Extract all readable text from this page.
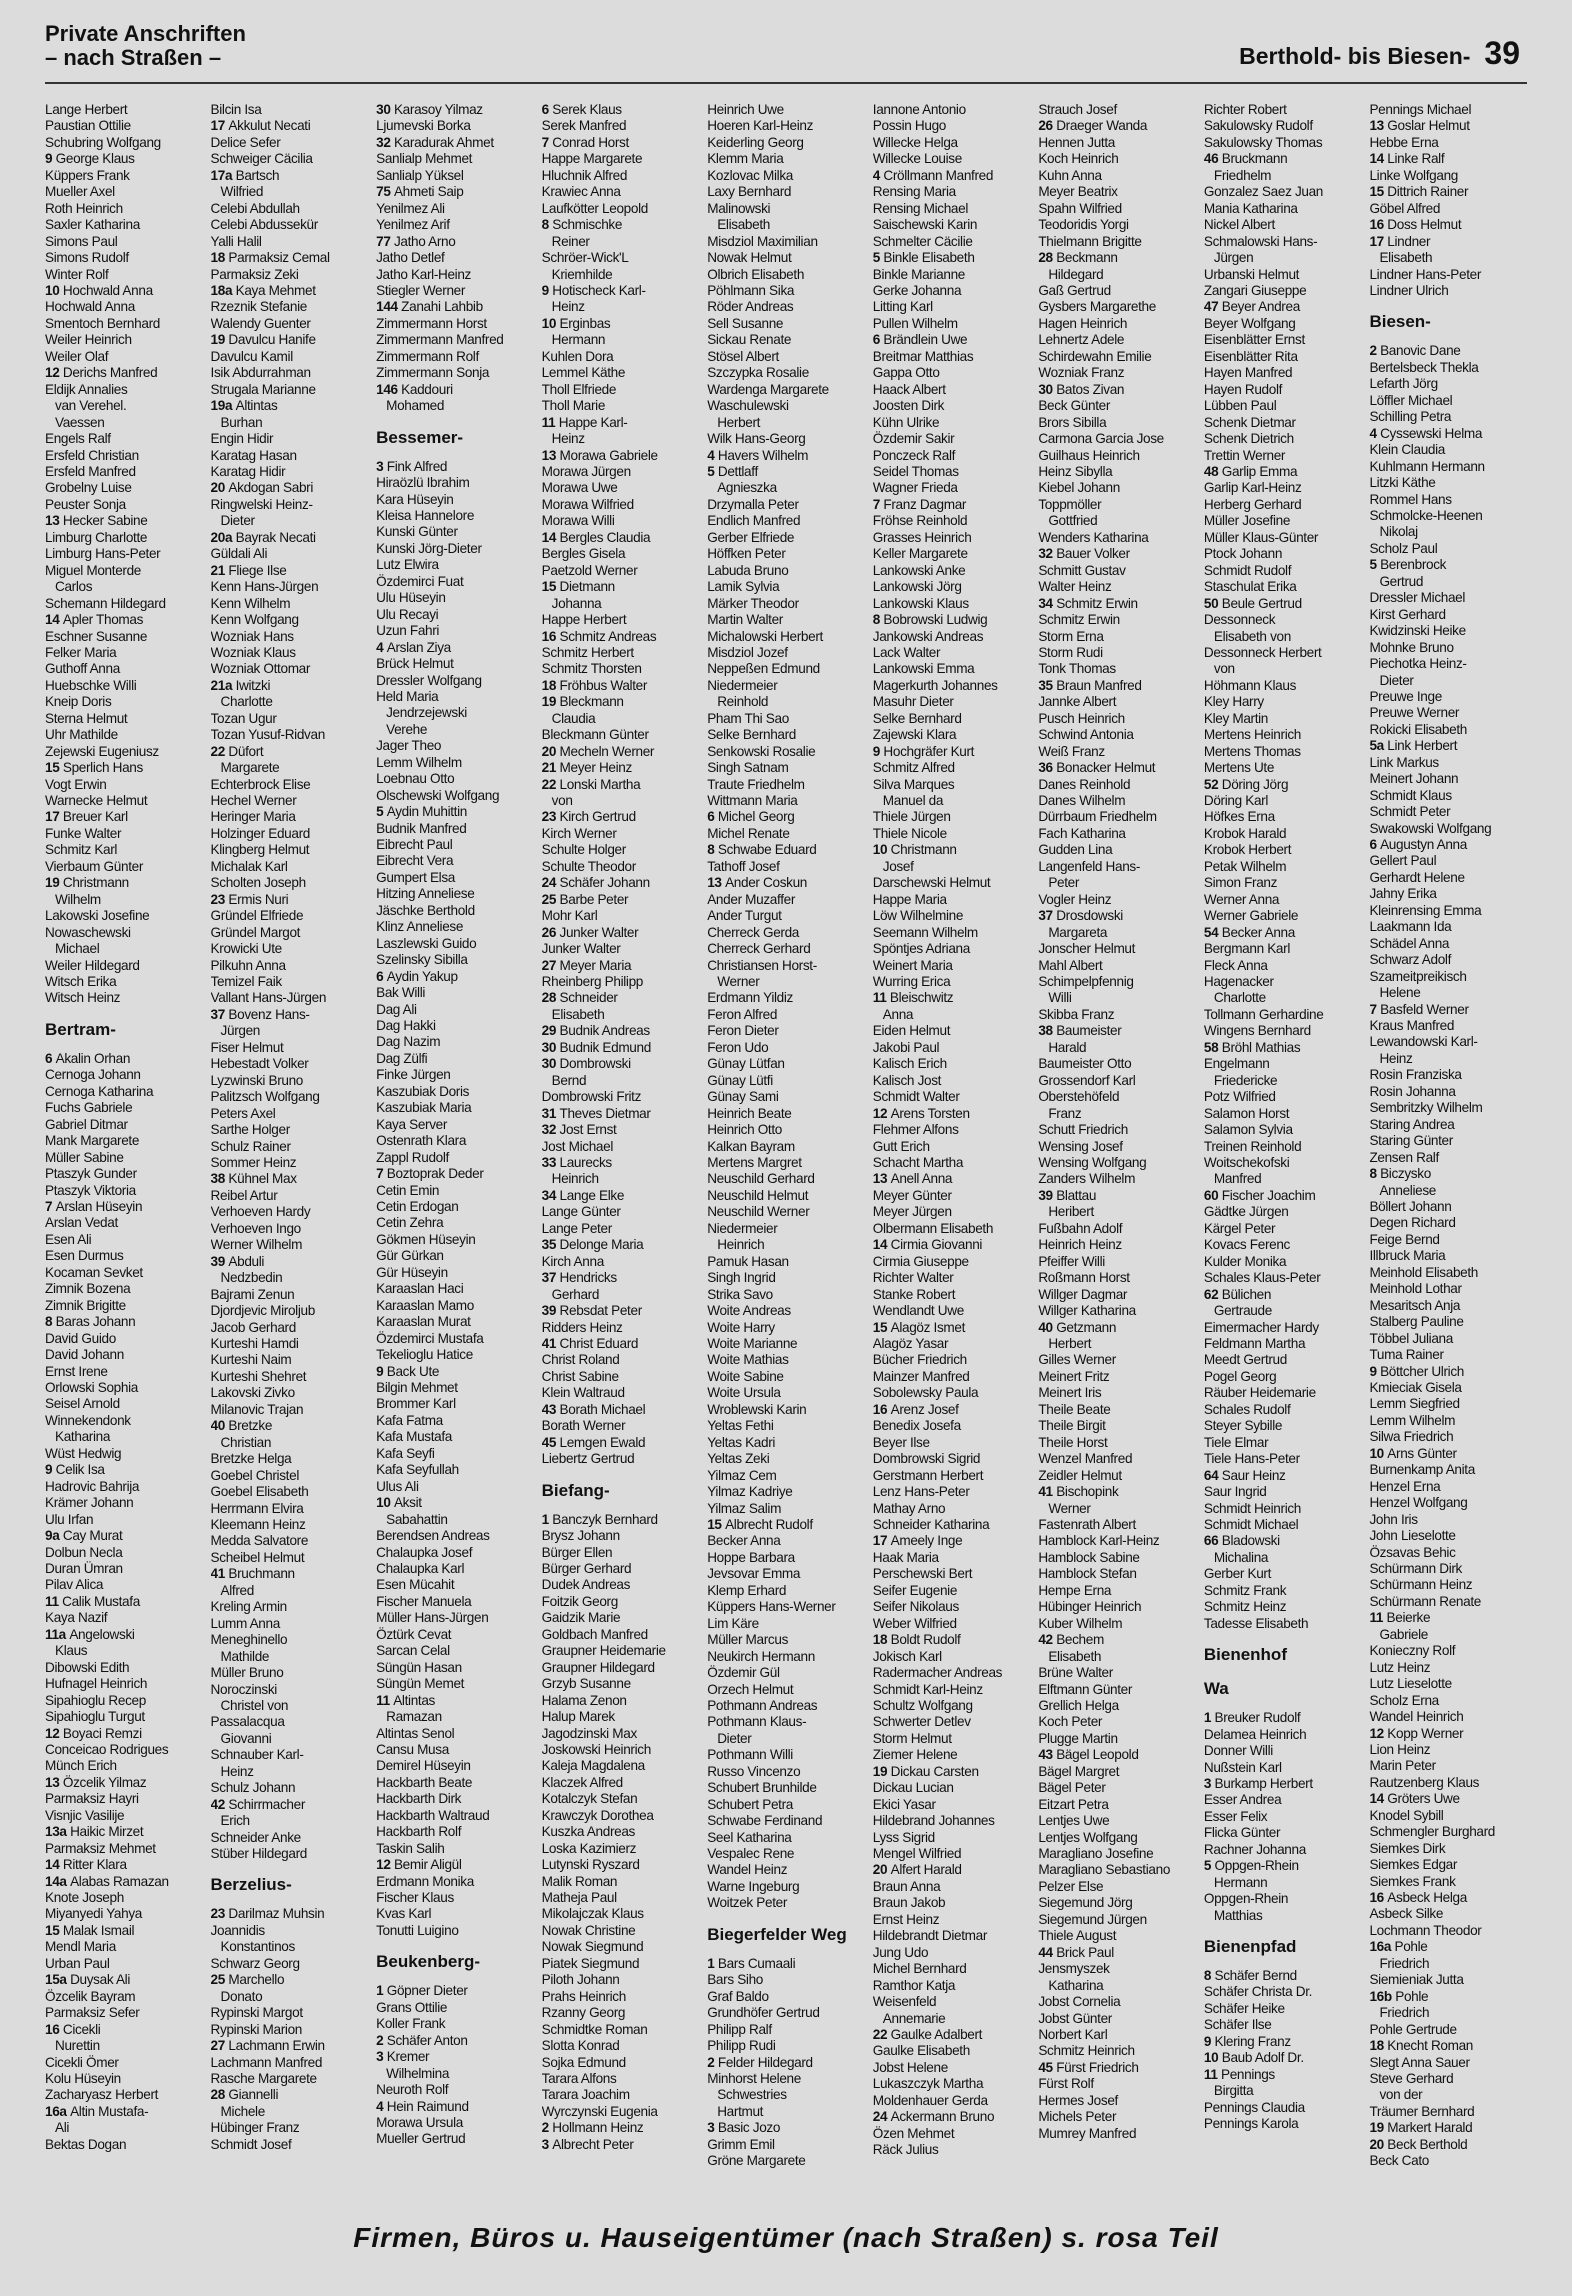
Private Anschriften
– nach Straßen –	Berthold- bis Biesen- 39
Lange Herbert
Paustian Ottilie
Schubring Wolfgang
9 George Klaus
Küppers Frank
Mueller Axel
Roth Heinrich
Saxler Katharina
Simons Paul
Simons Rudolf
Winter Rolf
10 Hochwald Anna
Hochwald Anna
Smentoch Bernhard
Weiler Heinrich
Weiler Olaf
12 Derichs Manfred
Eldijk Annalies
van Verehel.
Vaessen
Engels Ralf
Ersfeld Christian
Ersfeld Manfred
Grobelny Luise
Peuster Sonja
13 Hecker Sabine
Limburg Charlotte
Limburg Hans-Peter
Miguel Monterde
Carlos
Schemann Hildegard
14 Apler Thomas
Eschner Susanne
Felker Maria
Guthoff Anna
Huebschke Willi
Kneip Doris
Sterna Helmut
Uhr Mathilde
Zejewski Eugeniusz
15 Sperlich Hans
Vogt Erwin
Warnecke Helmut
17 Breuer Karl
Funke Walter
Schmitz Karl
Vierbaum Günter
19 Christmann
Wilhelm
Lakowski Josefine
Nowaschewski
Michael
Weiler Hildegard
Witsch Erika
Witsch Heinz
Bertram-
6 Akalin Orhan
Cernoga Johann
Cernoga Katharina
Fuchs Gabriele
Gabriel Ditmar
Mank Margarete
Müller Sabine
Ptaszyk Gunder
Ptaszyk Viktoria
7 Arslan Hüseyin
Arslan Vedat
Esen Ali
Esen Durmus
Kocaman Sevket
Zimnik Bozena
Zimnik Brigitte
8 Baras Johann
David Guido
David Johann
Ernst Irene
Orlowski Sophia
Seisel Arnold
Winnekendonk
Katharina
Wüst Hedwig
9 Celik Isa
Hadrovic Bahrija
Krämer Johann
Ulu Irfan
9a Cay Murat
Dolbun Necla
Duran Ümran
Pilav Alica
11 Calik Mustafa
Kaya Nazif
11a Angelowski
Klaus
Dibowski Edith
Hufnagel Heinrich
Sipahioglu Recep
Sipahioglu Turgut
12 Boyaci Remzi
Conceicao Rodrigues
Münch Erich
13 Özcelik Yilmaz
Parmaksiz Hayri
Visnjic Vasilije
13a Haikic Mirzet
Parmaksiz Mehmet
14 Ritter Klara
14a Alabas Ramazan
Knote Joseph
Miyanyedi Yahya
15 Malak Ismail
Mendl Maria
Urban Paul
15a Duysak Ali
Özcelik Bayram
Parmaksiz Sefer
16 Cicekli
Nurettin
Cicekli Ömer
Kolu Hüseyin
Zacharyasz Herbert
16a Altin Mustafa-
Ali
Bektas Dogan
Bilcin Isa
17 Akkulut Necati
Delice Sefer
Schweiger Cäcilia
17a Bartsch
Wilfried
Celebi Abdullah
Celebi Abdussekür
Yalli Halil
18 Parmaksiz Cemal
Parmaksiz Zeki
18a Kaya Mehmet
Rzeznik Stefanie
Walendy Guenter
19 Davulcu Hanife
Davulcu Kamil
Isik Abdurrahman
Strugala Marianne
19a Altintas
Burhan
Engin Hidir
Karatag Hasan
Karatag Hidir
20 Akdogan Sabri
Ringwelski Heinz-
Dieter
20a Bayrak Necati
Güldali Ali
21 Fliege Ilse
Kenn Hans-Jürgen
Kenn Wilhelm
Kenn Wolfgang
Wozniak Hans
Wozniak Klaus
Wozniak Ottomar
21a Iwitzki
Charlotte
Tozan Ugur
Tozan Yusuf-Ridvan
22 Düfort
Margarete
Echterbrock Elise
Hechel Werner
Heringer Maria
Holzinger Eduard
Klingberg Helmut
Michalak Karl
Scholten Joseph
23 Ermis Nuri
Gründel Elfriede
Gründel Margot
Krowicki Ute
Pilkuhn Anna
Temizel Faik
Vallant Hans-Jürgen
37 Bovenz Hans-
Jürgen
Fiser Helmut
Hebestadt Volker
Lyzwinski Bruno
Palitzsch Wolfgang
Peters Axel
Sarthe Holger
Schulz Rainer
Sommer Heinz
38 Kühnel Max
Reibel Artur
Verhoeven Hardy
Verhoeven Ingo
Werner Wilhelm
39 Abduli
Nedzbedin
Bajrami Zenun
Djordjevic Miroljub
Jacob Gerhard
Kurteshi Hamdi
Kurteshi Naim
Kurteshi Shehret
Lakovski Zivko
Milanovic Trajan
40 Bretzke
Christian
Bretzke Helga
Goebel Christel
Goebel Elisabeth
Herrmann Elvira
Kleemann Heinz
Medda Salvatore
Scheibel Helmut
41 Bruchmann
Alfred
Kreling Armin
Lumm Anna
Meneghinello
Mathilde
Müller Bruno
Noroczinski
Christel von
Passalacqua
Giovanni
Schnauber Karl-
Heinz
Schulz Johann
42 Schirrmacher
Erich
Schneider Anke
Stüber Hildegard
Berzelius-
23 Darilmaz Muhsin
Joannidis
Konstantinos
Schwarz Georg
25 Marchello
Donato
Rypinski Margot
Rypinski Marion
27 Lachmann Erwin
Lachmann Manfred
Rasche Margarete
28 Giannelli
Michele
Hübinger Franz
Schmidt Josef
30 Karasoy Yilmaz
Ljumevski Borka
32 Karadurak Ahmet
Sanlialp Mehmet
Sanlialp Yüksel
75 Ahmeti Saip
Yenilmez Ali
Yenilmez Arif
77 Jatho Arno
Jatho Detlef
Jatho Karl-Heinz
Stiegler Werner
144 Zanahi Lahbib
Zimmermann Horst
Zimmermann Manfred
Zimmermann Rolf
Zimmermann Sonja
146 Kaddouri
Mohamed
Bessemer-
3 Fink Alfred
Hiraözlü Ibrahim
Kara Hüseyin
Kleisa Hannelore
Kunski Günter
Kunski Jörg-Dieter
Lutz Elwira
Özdemirci Fuat
Ulu Hüseyin
Ulu Recayi
Uzun Fahri
4 Arslan Ziya
Brück Helmut
Dressler Wolfgang
Held Maria
Jendrzejewski
Verehe
Jager Theo
Lemm Wilhelm
Loebnau Otto
Olschewski Wolfgang
5 Aydin Muhittin
Budnik Manfred
Eibrecht Paul
Eibrecht Vera
Gumpert Elsa
Hitzing Anneliese
Jäschke Berthold
Klinz Anneliese
Laszlewski Guido
Szelinsky Sibilla
6 Aydin Yakup
Bak Willi
Dag Ali
Dag Hakki
Dag Nazim
Dag Zülfi
Finke Jürgen
Kaszubiak Doris
Kaszubiak Maria
Kaya Server
Ostenrath Klara
Zappl Rudolf
7 Boztoprak Deder
Cetin Emin
Cetin Erdogan
Cetin Zehra
Gökmen Hüseyin
Gür Gürkan
Gür Hüseyin
Karaaslan Haci
Karaaslan Mamo
Karaaslan Murat
Özdemirci Mustafa
Tekelioglu Hatice
9 Back Ute
Bilgin Mehmet
Brommer Karl
Kafa Fatma
Kafa Mustafa
Kafa Seyfi
Kafa Seyfullah
Ulus Ali
10 Aksit
Sabahattin
Berendsen Andreas
Chalaupka Josef
Chalaupka Karl
Esen Mücahit
Fischer Manuela
Müller Hans-Jürgen
Öztürk Cevat
Sarcan Celal
Süngün Hasan
Süngün Memet
11 Altintas
Ramazan
Altintas Senol
Cansu Musa
Demirel Hüseyin
Hackbarth Beate
Hackbarth Dirk
Hackbarth Waltraud
Hackbarth Rolf
Taskin Salih
12 Bemir Aligül
Erdmann Monika
Fischer Klaus
Kvas Karl
Tonutti Luigino
Beukenberg-
1 Göpner Dieter
Grans Ottilie
Koller Frank
2 Schäfer Anton
3 Kremer
Wilhelmina
Neuroth Rolf
4 Hein Raimund
Morawa Ursula
Mueller Gertrud
6 Serek Klaus
Serek Manfred
7 Conrad Horst
Happe Margarete
Hluchnik Alfred
Krawiec Anna
Laufkötter Leopold
8 Schmischke
Reiner
Schröer-Wick'L
Kriemhilde
9 Hotischeck Karl-
Heinz
10 Erginbas
Hermann
Kuhlen Dora
Lemmel Käthe
Tholl Elfriede
Tholl Marie
11 Happe Karl-
Heinz
13 Morawa Gabriele
Morawa Jürgen
Morawa Uwe
Morawa Wilfried
Morawa Willi
14 Bergles Claudia
Bergles Gisela
Paetzold Werner
15 Dietmann
Johanna
Happe Herbert
16 Schmitz Andreas
Schmitz Herbert
Schmitz Thorsten
18 Fröhbus Walter
19 Bleckmann
Claudia
Bleckmann Günter
20 Mecheln Werner
21 Meyer Heinz
22 Lonski Martha
von
23 Kirch Gertrud
Kirch Werner
Schulte Holger
Schulte Theodor
24 Schäfer Johann
25 Barbe Peter
Mohr Karl
26 Junker Walter
Junker Walter
27 Meyer Maria
Rheinberg Philipp
28 Schneider
Elisabeth
29 Budnik Andreas
30 Budnik Edmund
30 Dombrowski
Bernd
Dombrowski Fritz
31 Theves Dietmar
32 Jost Ernst
Jost Michael
33 Laurecks
Heinrich
34 Lange Elke
Lange Günter
Lange Peter
35 Delonge Maria
Kirch Anna
37 Hendricks
Gerhard
39 Rebsdat Peter
Ridders Heinz
41 Christ Eduard
Christ Roland
Christ Sabine
Klein Waltraud
43 Borath Michael
Borath Werner
45 Lemgen Ewald
Liebertz Gertrud
Biefang-
1 Banczyk Bernhard
Brysz Johann
Bürger Ellen
Bürger Gerhard
Dudek Andreas
Foitzik Georg
Gaidzik Marie
Goldbach Manfred
Graupner Heidemarie
Graupner Hildegard
Grzyb Susanne
Halama Zenon
Halup Marek
Jagodzinski Max
Joskowski Heinrich
Kaleja Magdalena
Klaczek Alfred
Kotalczyk Stefan
Krawczyk Dorothea
Kuszka Andreas
Loska Kazimierz
Lutynski Ryszard
Malik Roman
Matheja Paul
Mikolajczak Klaus
Nowak Christine
Nowak Siegmund
Piatek Siegmund
Piloth Johann
Prahs Heinrich
Rzanny Georg
Schmidtke Roman
Slotta Konrad
Sojka Edmund
Tarara Alfons
Tarara Joachim
Wyrczynski Eugenia
2 Hollmann Heinz
3 Albrecht Peter
Heinrich Uwe
Hoeren Karl-Heinz
Keiderling Georg
Klemm Maria
Kozlovac Milka
Laxy Bernhard
Malinowski
Elisabeth
Misdziol Maximilian
Nowak Helmut
Olbrich Elisabeth
Pöhlmann Sika
Röder Andreas
Sell Susanne
Sickau Renate
Stösel Albert
Szczypka Rosalie
Wardenga Margarete
Waschulewski
Herbert
Wilk Hans-Georg
4 Havers Wilhelm
5 Dettlaff
Agnieszka
Drzymalla Peter
Endlich Manfred
Gerber Elfriede
Höffken Peter
Labuda Bruno
Lamik Sylvia
Märker Theodor
Martin Walter
Michalowski Herbert
Misdziol Jozef
Neppeßen Edmund
Niedermeier
Reinhold
Pham Thi Sao
Selke Bernhard
Senkowski Rosalie
Singh Satnam
Traute Friedhelm
Wittmann Maria
6 Michel Georg
Michel Renate
8 Schwabe Eduard
Tathoff Josef
13 Ander Coskun
Ander Muzaffer
Ander Turgut
Cherreck Gerda
Cherreck Gerhard
Christiansen Horst-
Werner
Erdmann Yildiz
Feron Alfred
Feron Dieter
Feron Udo
Günay Lütfan
Günay Lütfi
Günay Sami
Heinrich Beate
Heinrich Otto
Kalkan Bayram
Mertens Margret
Neuschild Gerhard
Neuschild Helmut
Neuschild Werner
Niedermeier
Heinrich
Pamuk Hasan
Singh Ingrid
Strika Savo
Woite Andreas
Woite Harry
Woite Marianne
Woite Mathias
Woite Sabine
Woite Ursula
Wroblewski Karin
Yeltas Fethi
Yeltas Kadri
Yeltas Zeki
Yilmaz Cem
Yilmaz Kadriye
Yilmaz Salim
15 Albrecht Rudolf
Becker Anna
Hoppe Barbara
Jevsovar Emma
Klemp Erhard
Küppers Hans-Werner
Lim Käre
Müller Marcus
Neukirch Hermann
Özdemir Gül
Orzech Helmut
Pothmann Andreas
Pothmann Klaus-
Dieter
Pothmann Willi
Russo Vincenzo
Schubert Brunhilde
Schubert Petra
Schwabe Ferdinand
Seel Katharina
Vespalec Rene
Wandel Heinz
Warne Ingeburg
Woitzek Peter
Biegerfelder Weg
1 Bars Cumaali
Bars Siho
Graf Baldo
Grundhöfer Gertrud
Philipp Ralf
Philipp Rudi
2 Felder Hildegard
Minhorst Helene
Schwestries
Hartmut
3 Basic Jozo
Grimm Emil
Gröne Margarete
Iannone Antonio
Possin Hugo
Willecke Helga
Willecke Louise
4 Cröllmann Manfred
Rensing Maria
Rensing Michael
Saischewski Karin
Schmelter Cäcilie
5 Binkle Elisabeth
Binkle Marianne
Gerke Johanna
Litting Karl
Pullen Wilhelm
6 Brändlein Uwe
Breitmar Matthias
Gappa Otto
Haack Albert
Joosten Dirk
Kühn Ulrike
Özdemir Sakir
Ponczeck Ralf
Seidel Thomas
Wagner Frieda
7 Franz Dagmar
Fröhse Reinhold
Grasses Heinrich
Keller Margarete
Lankowski Anke
Lankowski Jörg
Lankowski Klaus
8 Bobrowski Ludwig
Jankowski Andreas
Lack Walter
Lankowski Emma
Magerkurth Johannes
Masuhr Dieter
Selke Bernhard
Zajewski Klara
9 Hochgräfer Kurt
Schmitz Alfred
Silva Marques
Manuel da
Thiele Jürgen
Thiele Nicole
10 Christmann
Josef
Darschewski Helmut
Happe Maria
Löw Wilhelmine
Seemann Wilhelm
Spöntjes Adriana
Weinert Maria
Wurring Erica
11 Bleischwitz
Anna
Eiden Helmut
Jakobi Paul
Kalisch Erich
Kalisch Jost
Schmidt Walter
12 Arens Torsten
Flehmer Alfons
Gutt Erich
Schacht Martha
13 Anell Anna
Meyer Günter
Meyer Jürgen
Olbermann Elisabeth
14 Cirmia Giovanni
Cirmia Giuseppe
Richter Walter
Stanke Robert
Wendlandt Uwe
15 Alagöz Ismet
Alagöz Yasar
Bücher Friedrich
Mainzer Manfred
Sobolewsky Paula
16 Arenz Josef
Benedix Josefa
Beyer Ilse
Dombrowski Sigrid
Gerstmann Herbert
Lenz Hans-Peter
Mathay Arno
Schneider Katharina
17 Ameely Inge
Haak Maria
Perschewski Bert
Seifer Eugenie
Seifer Nikolaus
Weber Wilfried
18 Boldt Rudolf
Jokisch Karl
Radermacher Andreas
Schmidt Karl-Heinz
Schultz Wolfgang
Schwerter Detlev
Storm Helmut
Ziemer Helene
19 Dickau Carsten
Dickau Lucian
Ekici Yasar
Hildebrand Johannes
Lyss Sigrid
Mengel Wilfried
20 Alfert Harald
Braun Anna
Braun Jakob
Ernst Heinz
Hildebrandt Dietmar
Jung Udo
Michel Bernhard
Ramthor Katja
Weisenfeld
Annemarie
22 Gaulke Adalbert
Gaulke Elisabeth
Jobst Helene
Lukaszczyk Martha
Moldenhauer Gerda
24 Ackermann Bruno
Özen Mehmet
Räck Julius
Strauch Josef
26 Draeger Wanda
Hennen Jutta
Koch Heinrich
Kuhn Anna
Meyer Beatrix
Spahn Wilfried
Teodoridis Yorgi
Thielmann Brigitte
28 Beckmann
Hildegard
Gaß Gertrud
Gysbers Margarethe
Hagen Heinrich
Lehnertz Adele
Schirdewahn Emilie
Wozniak Franz
30 Batos Zivan
Beck Günter
Brors Sibilla
Carmona Garcia Jose
Guilhaus Heinrich
Heinz Sibylla
Kiebel Johann
Toppmöller
Gottfried
Wenders Katharina
32 Bauer Volker
Schmitt Gustav
Walter Heinz
34 Schmitz Erwin
Schmitz Erwin
Storm Erna
Storm Rudi
Tonk Thomas
35 Braun Manfred
Jannke Albert
Pusch Heinrich
Schwind Antonia
Weiß Franz
36 Bonacker Helmut
Danes Reinhold
Danes Wilhelm
Dürrbaum Friedhelm
Fach Katharina
Gudden Lina
Langenfeld Hans-
Peter
Vogler Heinz
37 Drosdowski
Margareta
Jonscher Helmut
Mahl Albert
Schimpelpfennig
Willi
Skibba Franz
38 Baumeister
Harald
Baumeister Otto
Grossendorf Karl
Oberstehöfeld
Franz
Schutt Friedrich
Wensing Josef
Wensing Wolfgang
Zanders Wilhelm
39 Blattau
Heribert
Fußbahn Adolf
Heinrich Heinz
Pfeiffer Willi
Roßmann Horst
Willger Dagmar
Willger Katharina
40 Getzmann
Herbert
Gilles Werner
Meinert Fritz
Meinert Iris
Theile Beate
Theile Birgit
Theile Horst
Wenzel Manfred
Zeidler Helmut
41 Bischopink
Werner
Fastenrath Albert
Hamblock Karl-Heinz
Hamblock Sabine
Hamblock Stefan
Hempe Erna
Hübinger Heinrich
Kuber Wilhelm
42 Bechem
Elisabeth
Brüne Walter
Elftmann Günter
Grellich Helga
Koch Peter
Plugge Martin
43 Bägel Leopold
Bägel Margret
Bägel Peter
Eitzart Petra
Lentjes Uwe
Lentjes Wolfgang
Maragliano Josefine
Maragliano Sebastiano
Pelzer Else
Siegemund Jörg
Siegemund Jürgen
Thiele August
44 Brick Paul
Jensmyszek
Katharina
Jobst Cornelia
Jobst Günter
Norbert Karl
Schmitz Heinrich
45 Fürst Friedrich
Fürst Rolf
Hermes Josef
Michels Peter
Mumrey Manfred
Richter Robert
Sakulowsky Rudolf
Sakulowsky Thomas
46 Bruckmann
Friedhelm
Gonzalez Saez Juan
Mania Katharina
Nickel Albert
Schmalowski Hans-
Jürgen
Urbanski Helmut
Zangari Giuseppe
47 Beyer Andrea
Beyer Wolfgang
Eisenblätter Ernst
Eisenblätter Rita
Hayen Manfred
Hayen Rudolf
Lübben Paul
Schenk Dietmar
Schenk Dietrich
Trettin Werner
48 Garlip Emma
Garlip Karl-Heinz
Herberg Gerhard
Müller Josefine
Müller Klaus-Günter
Ptock Johann
Schmidt Rudolf
Staschulat Erika
50 Beule Gertrud
Dessonneck
Elisabeth von
Dessonneck Herbert
von
Höhmann Klaus
Kley Harry
Kley Martin
Mertens Heinrich
Mertens Thomas
Mertens Ute
52 Döring Jörg
Döring Karl
Höfkes Erna
Krobok Harald
Krobok Herbert
Petak Wilhelm
Simon Franz
Werner Anna
Werner Gabriele
54 Becker Anna
Bergmann Karl
Fleck Anna
Hagenacker
Charlotte
Tollmann Gerhardine
Wingens Bernhard
58 Bröhl Mathias
Engelmann
Friedericke
Potz Wilfried
Salamon Horst
Salamon Sylvia
Treinen Reinhold
Woitschekofski
Manfred
60 Fischer Joachim
Gädtke Jürgen
Kärgel Peter
Kovacs Ferenc
Kulder Monika
Schales Klaus-Peter
62 Bülichen
Gertraude
Eimermacher Hardy
Feldmann Martha
Meedt Gertrud
Pogel Georg
Räuber Heidemarie
Schales Rudolf
Steyer Sybille
Tiele Elmar
Tiele Hans-Peter
64 Saur Heinz
Saur Ingrid
Schmidt Heinrich
Schmidt Michael
66 Bladowski
Michalina
Gerber Kurt
Schmitz Frank
Schmitz Heinz
Tadesse Elisabeth
Bienenhof
Wa
1 Breuker Rudolf
Delamea Heinrich
Donner Willi
Nußstein Karl
3 Burkamp Herbert
Esser Andrea
Esser Felix
Flicka Günter
Rachner Johanna
5 Oppgen-Rhein
Hermann
Oppgen-Rhein
Matthias
Bienenpfad
8 Schäfer Bernd
Schäfer Christa Dr.
Schäfer Heike
Schäfer Ilse
9 Klering Franz
10 Baub Adolf Dr.
11 Pennings
Birgitta
Pennings Claudia
Pennings Karola
Pennings Michael
13 Goslar Helmut
Hebbe Erna
14 Linke Ralf
Linke Wolfgang
15 Dittrich Rainer
Göbel Alfred
16 Doss Helmut
17 Lindner
Elisabeth
Lindner Hans-Peter
Lindner Ulrich
Biesen-
2 Banovic Dane
Bertelsbeck Thekla
Lefarth Jörg
Löffler Michael
Schilling Petra
4 Cyssewski Helma
Klein Claudia
Kuhlmann Hermann
Litzki Käthe
Rommel Hans
Schmolcke-Heenen
Nikolaj
Scholz Paul
5 Berenbrock
Gertrud
Dressler Michael
Kirst Gerhard
Kwidzinski Heike
Mohnke Bruno
Piechotka Heinz-
Dieter
Preuwe Inge
Preuwe Werner
Rokicki Elisabeth
5a Link Herbert
Link Markus
Meinert Johann
Schmidt Klaus
Schmidt Peter
Swakowski Wolfgang
6 Augustyn Anna
Gellert Paul
Gerhardt Helene
Jahny Erika
Kleinrensing Emma
Laakmann Ida
Schädel Anna
Schwarz Adolf
Szameitpreikisch
Helene
7 Basfeld Werner
Kraus Manfred
Lewandowski Karl-
Heinz
Rosin Franziska
Rosin Johanna
Sembritzky Wilhelm
Staring Andrea
Staring Günter
Zensen Ralf
8 Biczysko
Anneliese
Böllert Johann
Degen Richard
Feige Bernd
Illbruck Maria
Meinhold Elisabeth
Meinhold Lothar
Mesaritsch Anja
Stalberg Pauline
Többel Juliana
Tuma Rainer
9 Böttcher Ulrich
Kmieciak Gisela
Lemm Siegfried
Lemm Wilhelm
Silwa Friedrich
10 Arns Günter
Burnenkamp Anita
Henzel Erna
Henzel Wolfgang
John Iris
John Lieselotte
Özsavas Behic
Schürmann Dirk
Schürmann Heinz
Schürmann Renate
11 Beierke
Gabriele
Konieczny Rolf
Lutz Heinz
Lutz Lieselotte
Scholz Erna
Wandel Heinrich
12 Kopp Werner
Lion Heinz
Marin Peter
Rautzenberg Klaus
14 Gröters Uwe
Knodel Sybill
Schmengler Burghard
Siemkes Dirk
Siemkes Edgar
Siemkes Frank
16 Asbeck Helga
Asbeck Silke
Lochmann Theodor
16a Pohle
Friedrich
Siemieniak Jutta
16b Pohle
Friedrich
Pohle Gertrude
18 Knecht Roman
Slegt Anna Sauer
Steve Gerhard
von der
Träumer Bernhard
19 Markert Harald
20 Beck Berthold
Beck Cato
Firmen, Büros u. Hauseigentümer (nach Straßen) s. rosa Teil
